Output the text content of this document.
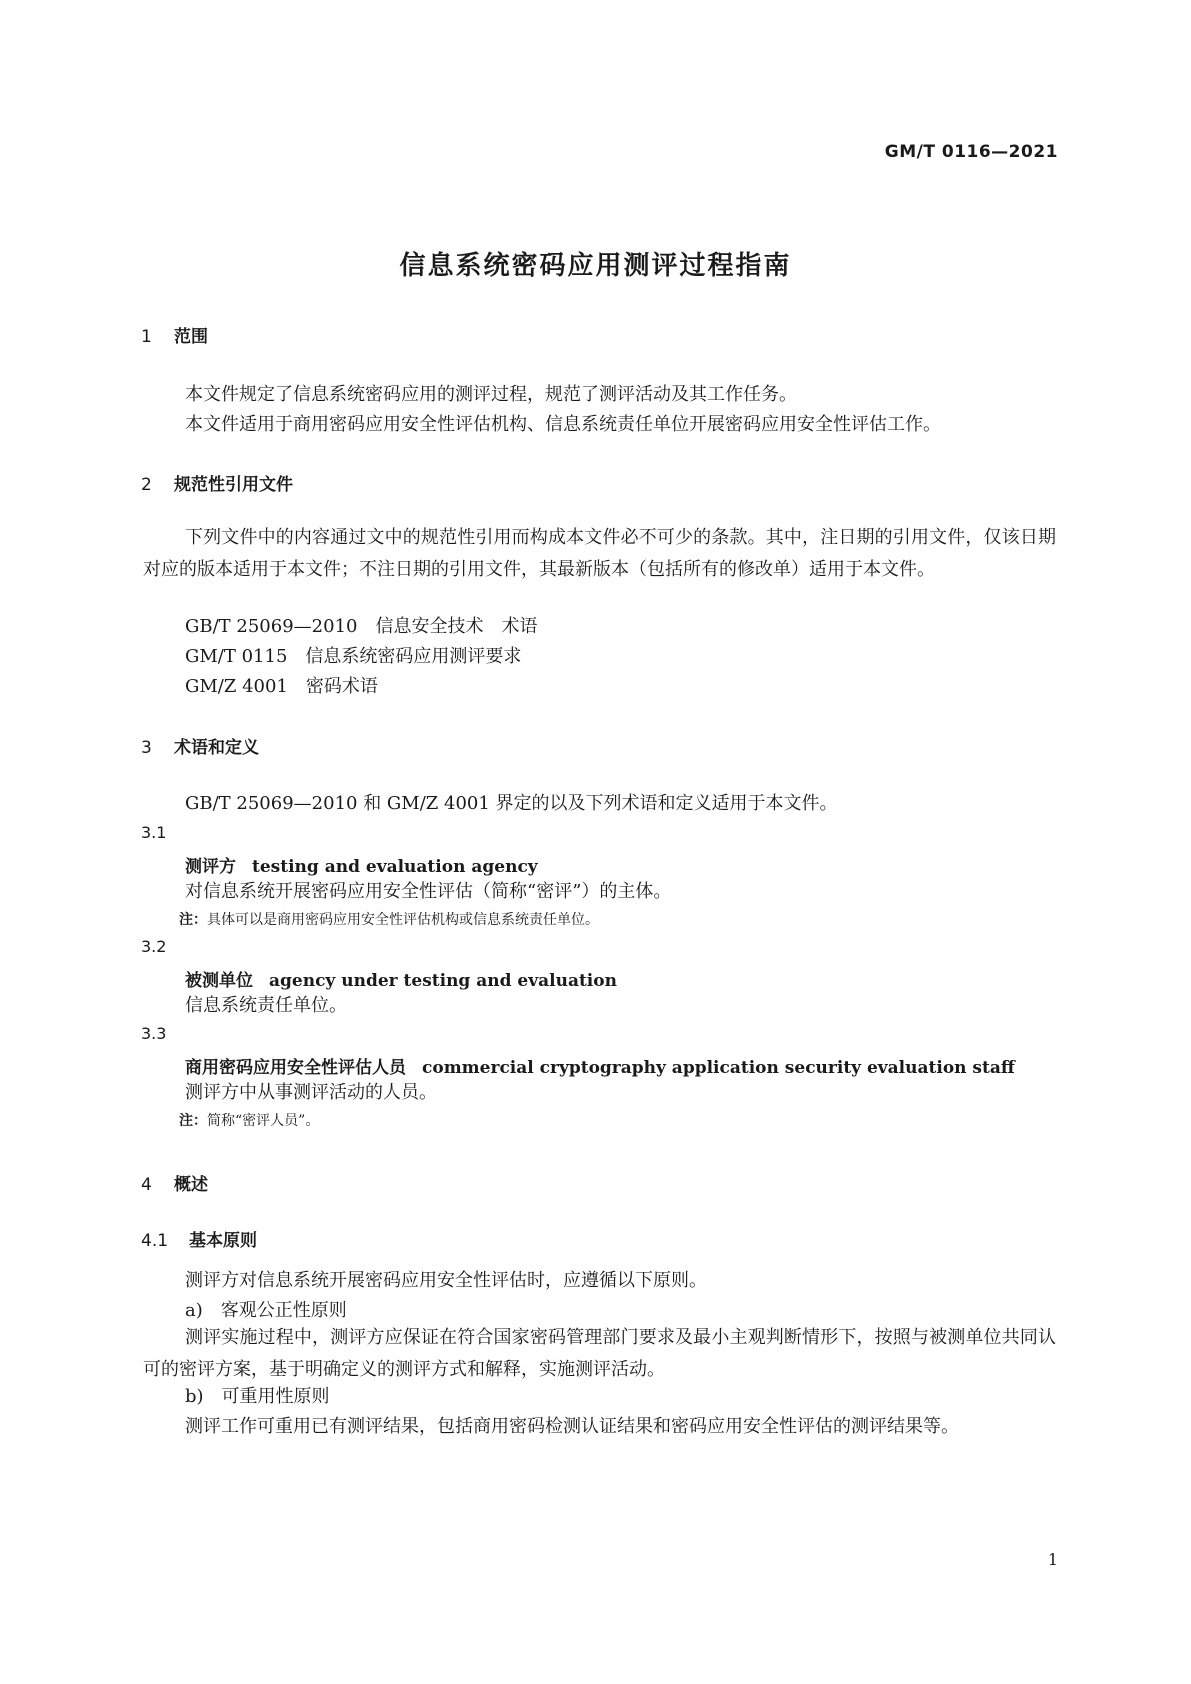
GM/T 0116—2021
信息系统密码应用测评过程指南
1 范围
本文件规定了信息系统密码应用的测评过程，规范了测评活动及其工作任务。
本文件适用于商用密码应用安全性评估机构、信息系统责任单位开展密码应用安全性评估工作。
2 规范性引用文件
下列文件中的内容通过文中的规范性引用而构成本文件必不可少的条款。其中，注日期的引用文件，仅该日期对应的版本适用于本文件；不注日期的引用文件，其最新版本（包括所有的修改单）适用于本文件。
GB/T 25069—2010　信息安全技术　术语
GM/T 0115　信息系统密码应用测评要求
GM/Z 4001　密码术语
3 术语和定义
GB/T 25069—2010 和 GM/Z 4001 界定的以及下列术语和定义适用于本文件。
3.1
测评方 testing and evaluation agency
对信息系统开展密码应用安全性评估（简称“密评”）的主体。
注：具体可以是商用密码应用安全性评估机构或信息系统责任单位。
3.2
被测单位 agency under testing and evaluation
信息系统责任单位。
3.3
商用密码应用安全性评估人员 commercial cryptography application security evaluation staff
测评方中从事测评活动的人员。
注：简称“密评人员”。
4 概述
4.1 基本原则
测评方对信息系统开展密码应用安全性评估时，应遵循以下原则。
a)　客观公正性原则
测评实施过程中，测评方应保证在符合国家密码管理部门要求及最小主观判断情形下，按照与被测单位共同认可的密评方案，基于明确定义的测评方式和解释，实施测评活动。
b)　可重用性原则
测评工作可重用已有测评结果，包括商用密码检测认证结果和密码应用安全性评估的测评结果等。
1
